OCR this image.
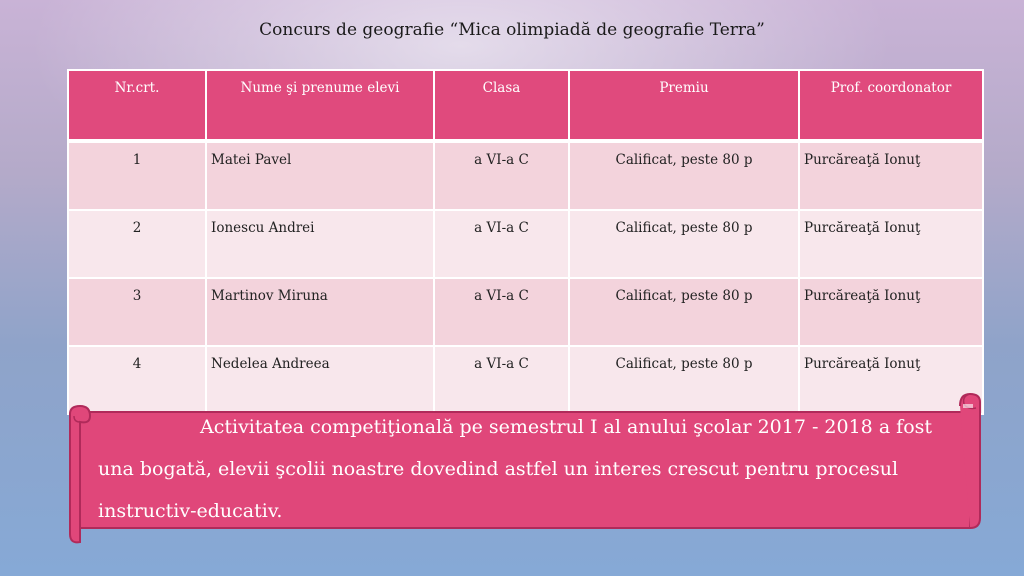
Concurs de geografie “Mica olimpiadă de geografie Terra”
Nr.crt.	Nume şi prenume elevi	Clasa	Premiu	Prof. coordonator
1	Matei Pavel	a VI-a C	Calificat, peste 80 p	Purcăreaţă Ionuţ
2	Ionescu Andrei	a VI-a C	Calificat, peste 80 p	Purcăreaţă Ionuţ
3	Martinov Miruna	a VI-a C	Calificat, peste 80 p	Purcăreaţă Ionuţ
4	Nedelea Andreea	a VI-a C	Calificat, peste 80 p	Purcăreaţă Ionuţ
Activitatea competiţională pe semestrul I al anului şcolar 2017 - 2018 a fost
una bogată, elevii şcolii noastre dovedind astfel un interes crescut pentru procesul
instructiv-educativ.
